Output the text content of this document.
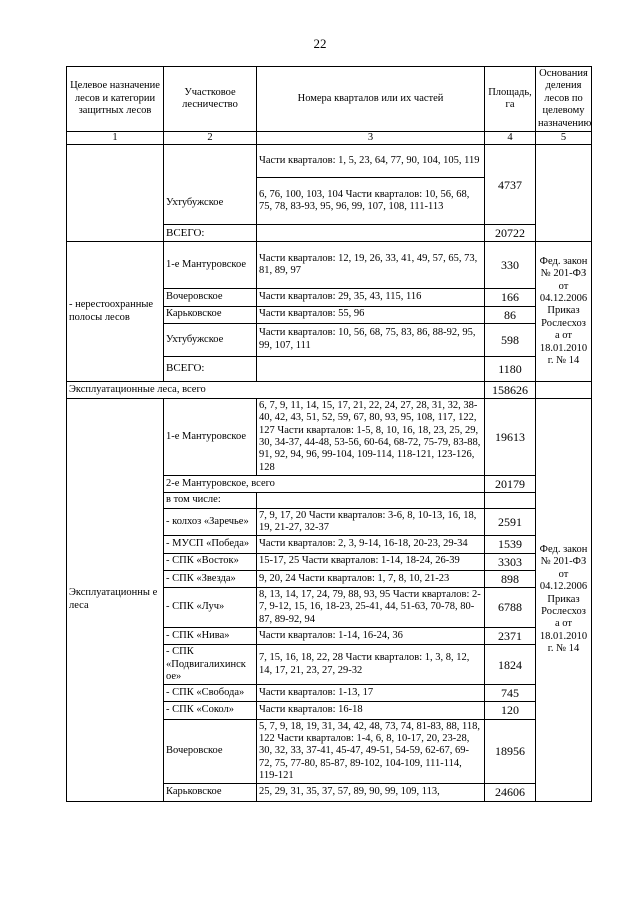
22
Целевое назначение лесов и категории защитных лесов	Участковое лесничество	Номера кварталов или их частей	Площадь, га	Основания деления лесов по целевому назначению
1	2	3	4	5

	Ухтубужское	Части кварталов: 1, 5, 23, 64, 77, 90, 104, 105, 119	4737	
		6, 76, 100, 103, 104 Части кварталов: 10, 56, 68, 75, 78, 83-93, 95, 96, 99, 107, 108, 111-113		
	ВСЕГО:		20722	
- нерестоохранные полосы лесов	1-е Мантуровское	Части кварталов: 12, 19, 26, 33, 41, 49, 57, 65, 73, 81, 89, 97	330	Фед. закон № 201-ФЗ от 04.12.2006 Приказ Рослесхоз а от 18.01.2010 г. № 14
	Вочеровское	Части кварталов: 29, 35, 43, 115, 116	166	
	Карьковское	Части кварталов: 55, 96	86	
	Ухтубужское	Части кварталов: 10, 56, 68, 75, 83, 86, 88-92, 95, 99, 107, 111	598	
	ВСЕГО:		1180	
Эксплуатационные леса, всего			158626	
Эксплуатационны е леса	1-е Мантуровское	6, 7, 9, 11, 14, 15, 17, 21, 22, 24, 27, 28, 31, 32, 38-40, 42, 43, 51, 52, 59, 67, 80, 93, 95, 108, 117, 122, 127 Части кварталов: 1-5, 8, 10, 16, 18, 23, 25, 29, 30, 34-37, 44-48, 53-56, 60-64, 68-72, 75-79, 83-88, 91, 92, 94, 96, 99-104, 109-114, 118-121, 123-126, 128	19613	Фед. закон № 201-ФЗ от 04.12.2006 Приказ Рослесхоз а от 18.01.2010 г. № 14
	2-е Мантуровское, всего		20179	
	в том числе:			
	- колхоз «Заречье»	7, 9, 17, 20 Части кварталов: 3-6, 8, 10-13, 16, 18, 19, 21-27, 32-37	2591	
	- МУСП «Победа»	Части кварталов: 2, 3, 9-14, 16-18, 20-23, 29-34	1539	
	- СПК «Восток»	15-17, 25 Части кварталов: 1-14, 18-24, 26-39	3303	
	- СПК «Звезда»	9, 20, 24 Части кварталов: 1, 7, 8, 10, 21-23	898	
	- СПК «Луч»	8, 13, 14, 17, 24, 79, 88, 93, 95 Части кварталов: 2-7, 9-12, 15, 16, 18-23, 25-41, 44, 51-63, 70-78, 80-87, 89-92, 94	6788	
	- СПК «Нива»	Части кварталов: 1-14, 16-24, 36	2371	
	- СПК «Подвигалихинск ое»	7, 15, 16, 18, 22, 28 Части кварталов: 1, 3, 8, 12, 14, 17, 21, 23, 27, 29-32	1824	
	- СПК «Свобода»	Части кварталов: 1-13, 17	745	
	- СПК «Сокол»	Части кварталов: 16-18	120	
	Вочеровское	5, 7, 9, 18, 19, 31, 34, 42, 48, 73, 74, 81-83, 88, 118, 122 Части кварталов: 1-4, 6, 8, 10-17, 20, 23-28, 30, 32, 33, 37-41, 45-47, 49-51, 54-59, 62-67, 69-72, 75, 77-80, 85-87, 89-102, 104-109, 111-114, 119-121	18956	
	Карьковское	25, 29, 31, 35, 37, 57, 89, 90, 99, 109, 113,	24606	
